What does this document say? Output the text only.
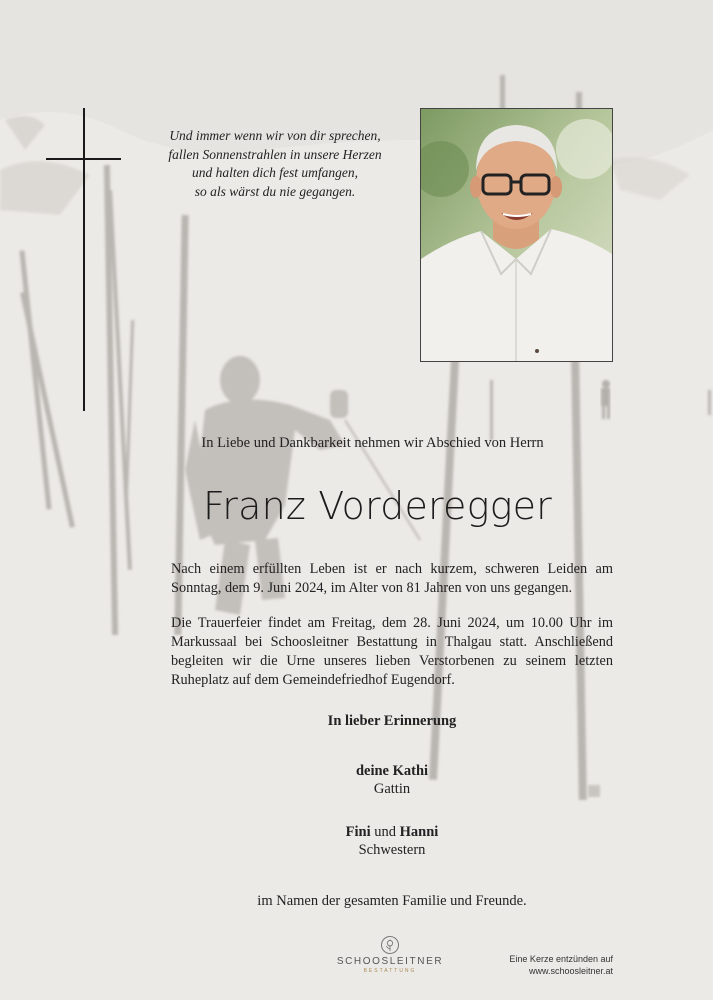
Und immer wenn wir von dir sprechen,
fallen Sonnenstrahlen in unsere Herzen
und halten dich fest umfangen,
so als wärst du nie gegangen.
In Liebe und Dankbarkeit nehmen wir Abschied von Herrn
Franz Vorderegger
Nach einem erfüllten Leben ist er nach kurzem, schweren Leiden am Sonntag, dem 9. Juni 2024, im Alter von 81 Jahren von uns gegangen.
Die Trauerfeier findet am Freitag, dem 28. Juni 2024, um 10.00 Uhr im Markussaal bei Schoosleitner Bestattung in Thalgau statt. Anschließend begleiten wir die Urne unseres lieben Verstorbenen zu seinem letzten Ruheplatz auf dem Gemeindefriedhof Eugendorf.
In lieber Erinnerung
deine Kathi
Gattin
Fini und Hanni
Schwestern
im Namen der gesamten Familie und Freunde.
SCHOOSLEITNER
BESTATTUNG
Eine Kerze entzünden auf
www.schoosleitner.at
